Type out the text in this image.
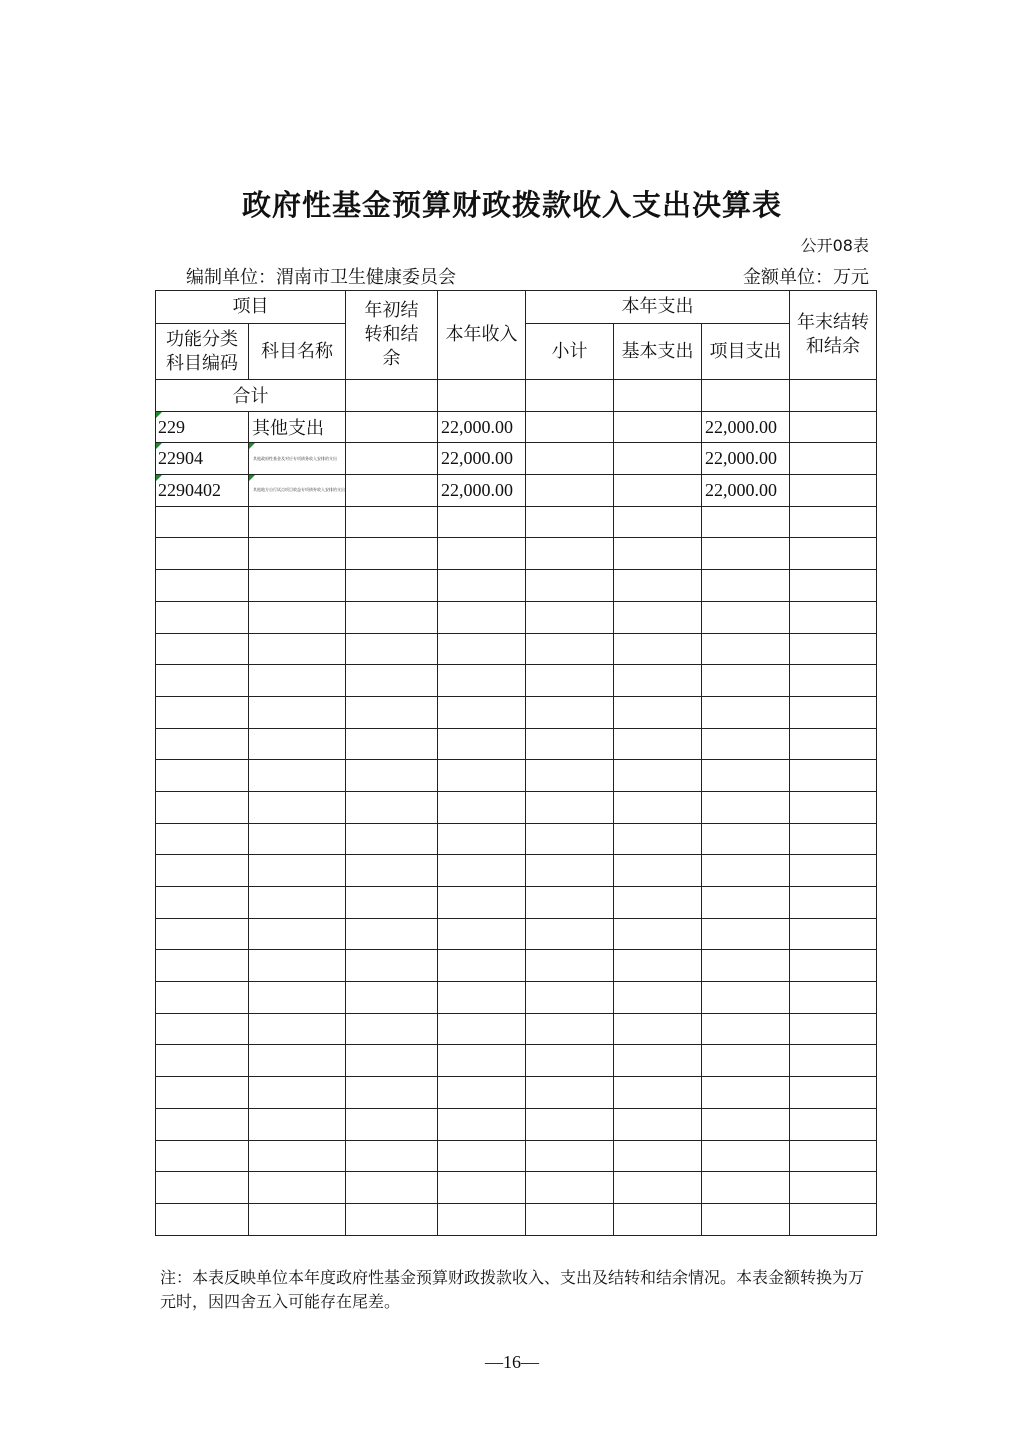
政府性基金预算财政拨款收入支出决算表
公开08表
编制单位：渭南市卫生健康委员会	金额单位：万元
项目		年初结转和结余	本年收入	本年支出			年末结转和结余
功能分类科目编码	科目名称			小计	基本支出	项目支出	
合计							
229	其他支出		22,000.00			22,000.00	
22904	其他政府性基金及对应专项债务收入安排的支出		22,000.00			22,000.00	
2290402	其他地方自行试点项目收益专项债券收入安排的支出		22,000.00			22,000.00	

注：本表反映单位本年度政府性基金预算财政拨款收入、支出及结转和结余情况。本表金额转换为万元时，因四舍五入可能存在尾差。
—16—
